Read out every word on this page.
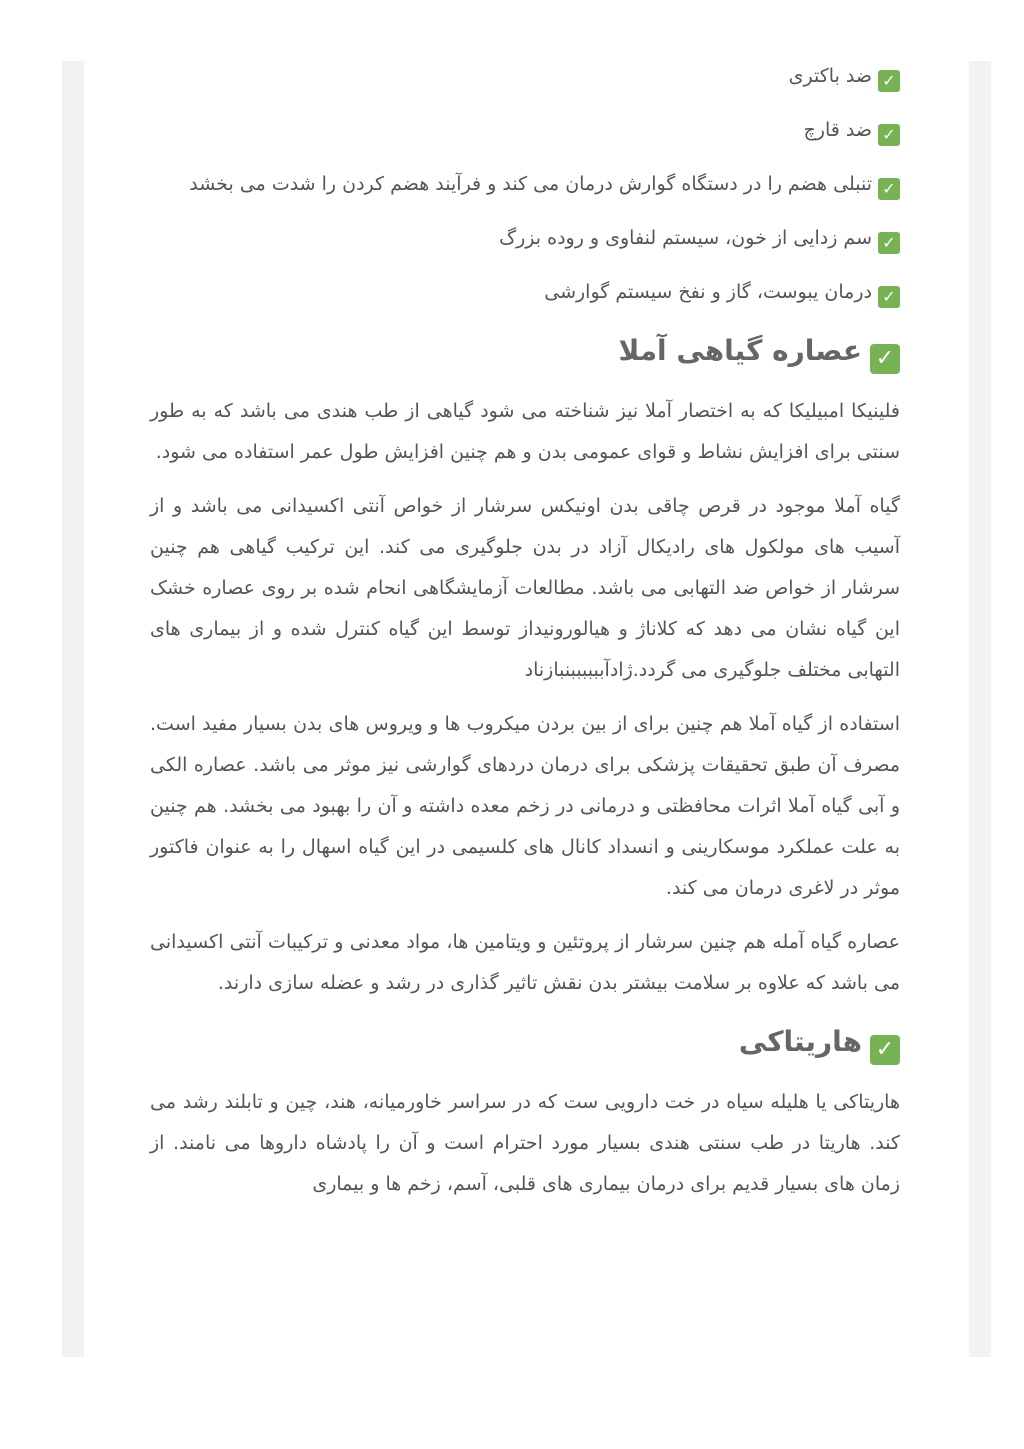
✓ضد باکتری
✓ضد قارچ
✓تنبلی هضم را در دستگاه گوارش درمان می کند و فرآیند هضم کردن را شدت می بخشد
✓سم زدایی از خون، سیستم لنفاوی و روده بزرگ
✓درمان یبوست، گاز و نفخ سیستم گوارشی
✓عصاره گیاهی آملا

فلینیکا امبیلیکا که به اختصار آملا نیز شناخته می شود گیاهی از طب هندی می باشد که به طور سنتی برای افزایش نشاط و قوای عمومی بدن و هم چنین افزایش طول عمر استفاده می شود.

گیاه آملا موجود در قرص چاقی بدن اونیکس سرشار از خواص آنتی اکسیدانی می باشد و از آسیب های مولکول های رادیکال آزاد در بدن جلوگیری می کند. این ترکیب گیاهی هم چنین سرشار از خواص ضد التهابی می باشد. مطالعات آزمایشگاهی انحام شده بر روی عصاره خشک این گیاه نشان می دهد که کلاناژ و هیالورونیداز توسط این گیاه کنترل شده و از بیماری های التهابی مختلف جلوگیری می گردد.ژادآببببببنبازناد

استفاده از گیاه آملا هم چنین برای از بین بردن میکروب ها و ویروس های بدن بسیار مفید است. مصرف آن طبق تحقیقات پزشکی برای درمان دردهای گوارشی نیز موثر می باشد. عصاره الکی و آبی گیاه آملا اثرات محافظتی و درمانی در زخم معده داشته و آن را بهبود می بخشد. هم چنین به علت عملکرد موسکارینی و انسداد کانال های کلسیمی در این گیاه اسهال را به عنوان فاکتور موثر در لاغری درمان می کند.

عصاره گیاه آمله هم چنین سرشار از پروتئین و ویتامین ها، مواد معدنی و ترکیبات آنتی اکسیدانی می باشد که علاوه بر سلامت بیشتر بدن نقش تاثیر گذاری در رشد و عضله سازی دارند.

✓هاریتاکی

هاریتاکی یا هلیله سیاه در خت دارویی ست که در سراسر خاورمیانه، هند، چین و تابلند رشد می کند. هاریتا در طب سنتی هندی بسیار مورد احترام است و آن را پادشاه داروها می نامند. از زمان های بسیار قدیم برای درمان بیماری های قلبی، آسم، زخم ها و بیماری
